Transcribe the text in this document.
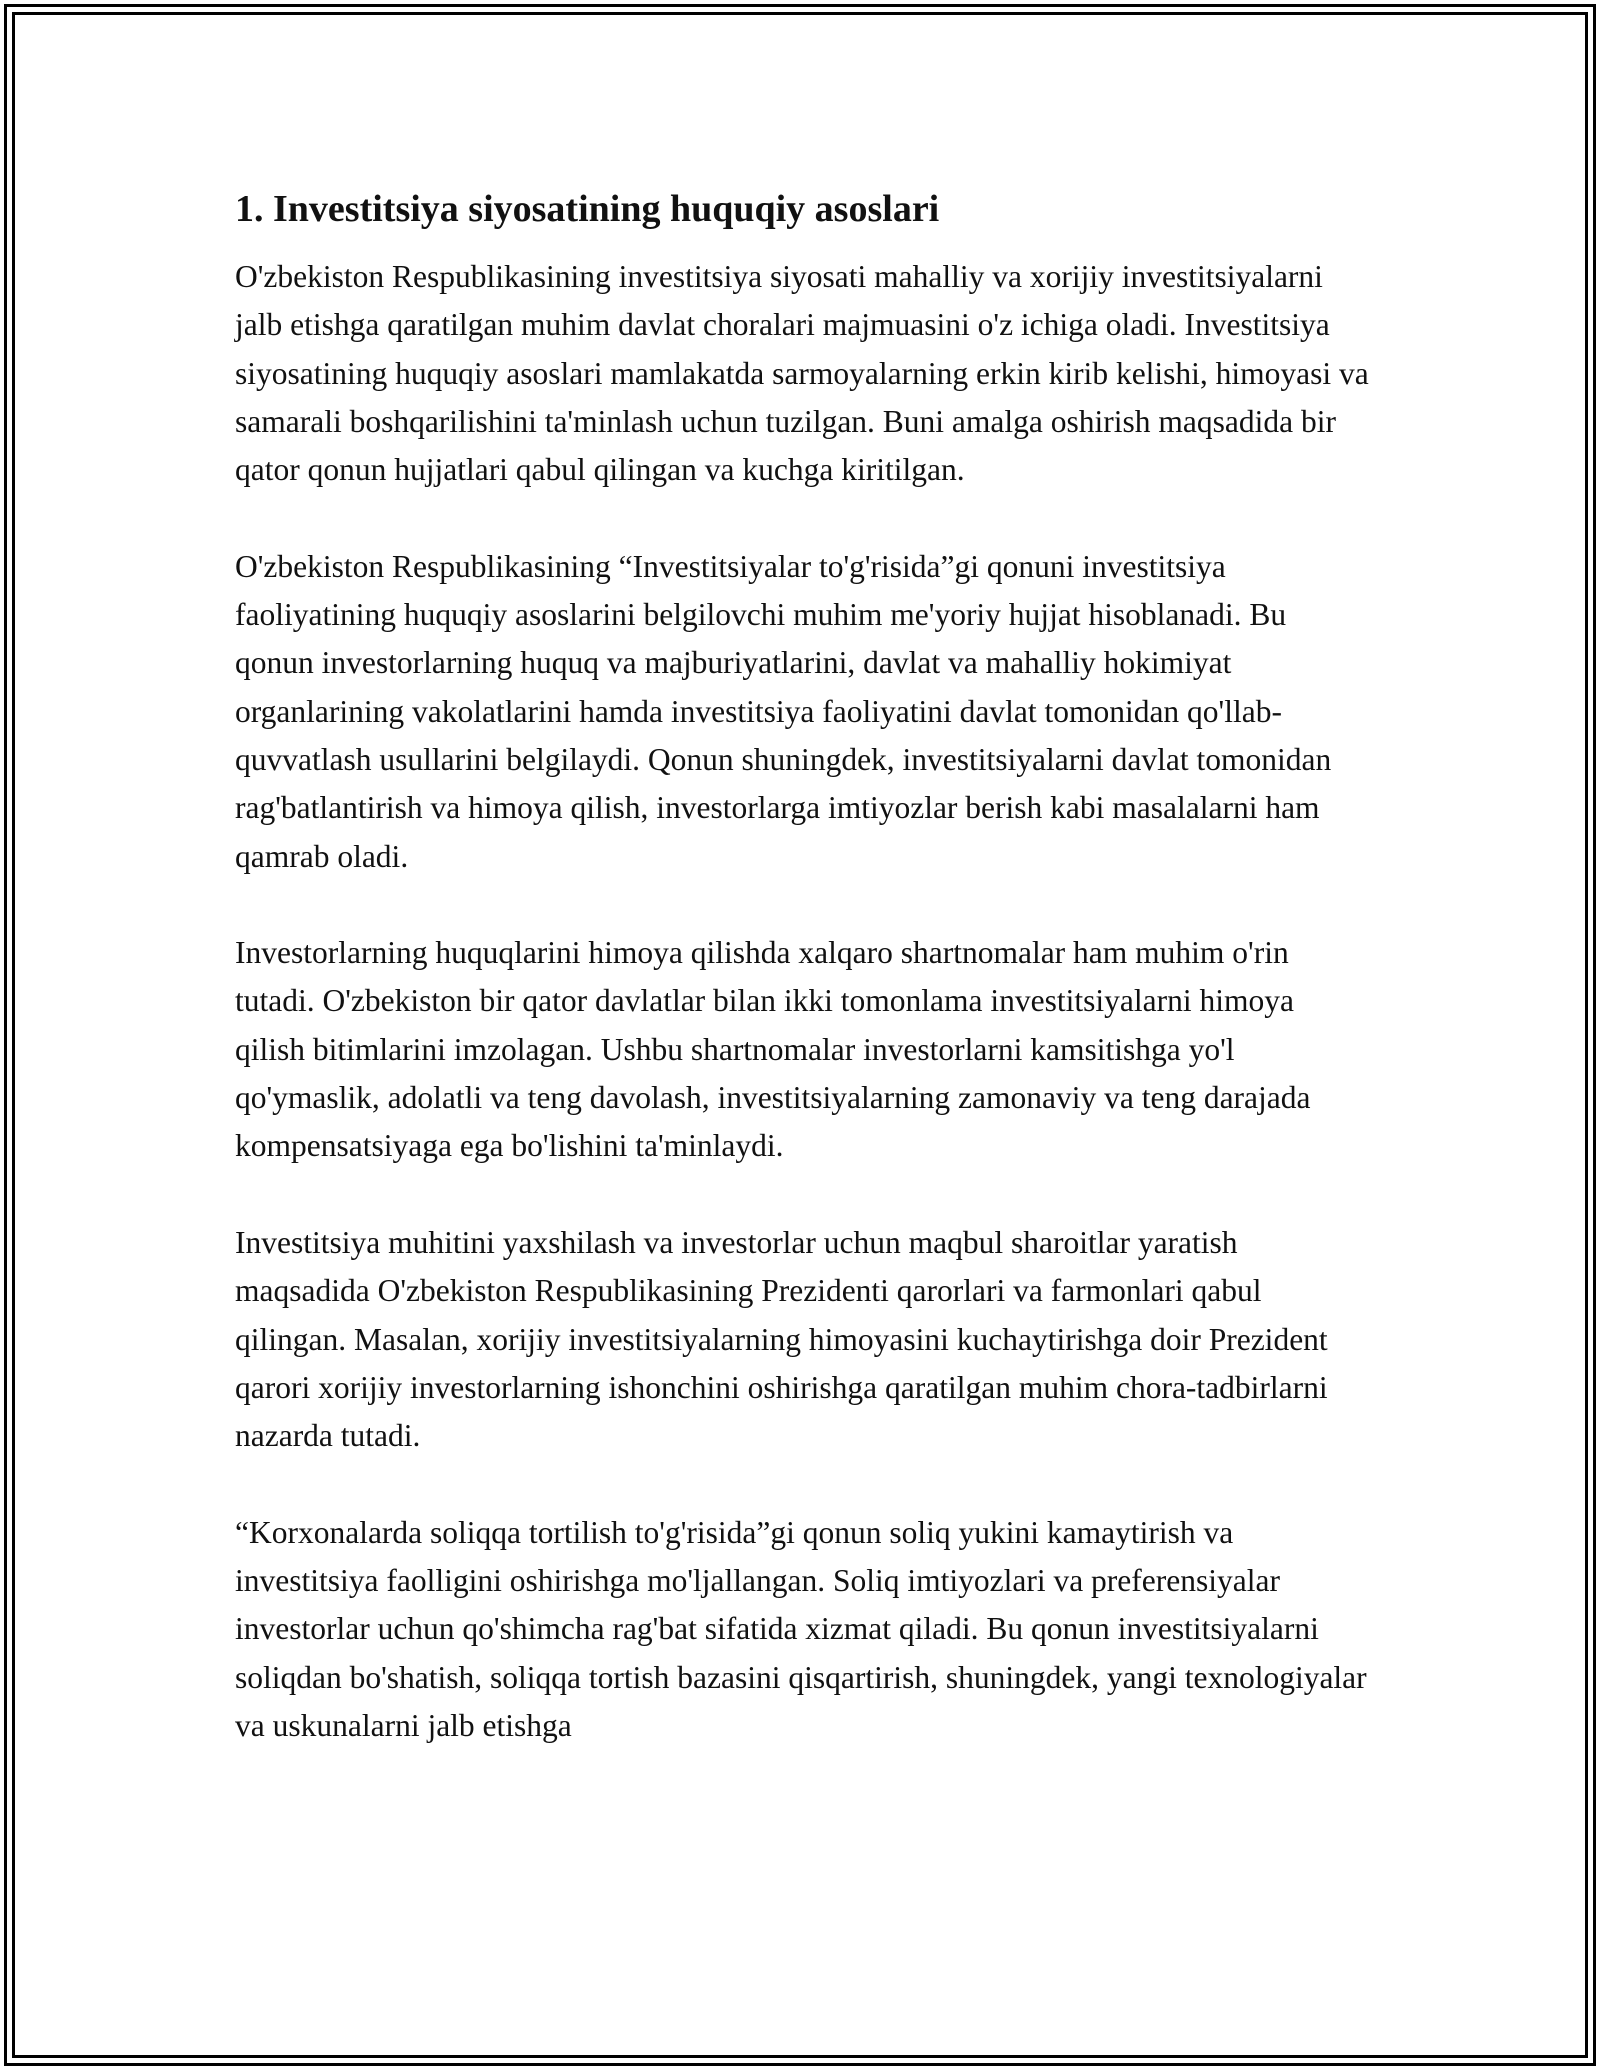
1. Investitsiya siyosatining huquqiy asoslari

O'zbekiston Respublikasining investitsiya siyosati mahalliy va xorijiy investitsiyalarni jalb etishga qaratilgan muhim davlat choralari majmuasini o'z ichiga oladi. Investitsiya siyosatining huquqiy asoslari mamlakatda sarmoyalarning erkin kirib kelishi, himoyasi va samarali boshqarilishini ta'minlash uchun tuzilgan. Buni amalga oshirish maqsadida bir qator qonun hujjatlari qabul qilingan va kuchga kiritilgan.

O'zbekiston Respublikasining “Investitsiyalar to'g'risida”gi qonuni investitsiya faoliyatining huquqiy asoslarini belgilovchi muhim me'yoriy hujjat hisoblanadi. Bu qonun investorlarning huquq va majburiyatlarini, davlat va mahalliy hokimiyat organlarining vakolatlarini hamda investitsiya faoliyatini davlat tomonidan qo'llab-quvvatlash usullarini belgilaydi. Qonun shuningdek, investitsiyalarni davlat tomonidan rag'batlantirish va himoya qilish, investorlarga imtiyozlar berish kabi masalalarni ham qamrab oladi.

Investorlarning huquqlarini himoya qilishda xalqaro shartnomalar ham muhim o'rin tutadi. O'zbekiston bir qator davlatlar bilan ikki tomonlama investitsiyalarni himoya qilish bitimlarini imzolagan. Ushbu shartnomalar investorlarni kamsitishga yo'l qo'ymaslik, adolatli va teng davolash, investitsiyalarning zamonaviy va teng darajada kompensatsiyaga ega bo'lishini ta'minlaydi.

Investitsiya muhitini yaxshilash va investorlar uchun maqbul sharoitlar yaratish maqsadida O'zbekiston Respublikasining Prezidenti qarorlari va farmonlari qabul qilingan. Masalan, xorijiy investitsiyalarning himoyasini kuchaytirishga doir Prezident qarori xorijiy investorlarning ishonchini oshirishga qaratilgan muhim chora-tadbirlarni nazarda tutadi.

“Korxonalarda soliqqa tortilish to'g'risida”gi qonun soliq yukini kamaytirish va investitsiya faolligini oshirishga mo'ljallangan. Soliq imtiyozlari va preferensiyalar investorlar uchun qo'shimcha rag'bat sifatida xizmat qiladi. Bu qonun investitsiyalarni soliqdan bo'shatish, soliqqa tortish bazasini qisqartirish, shuningdek, yangi texnologiyalar va uskunalarni jalb etishga
